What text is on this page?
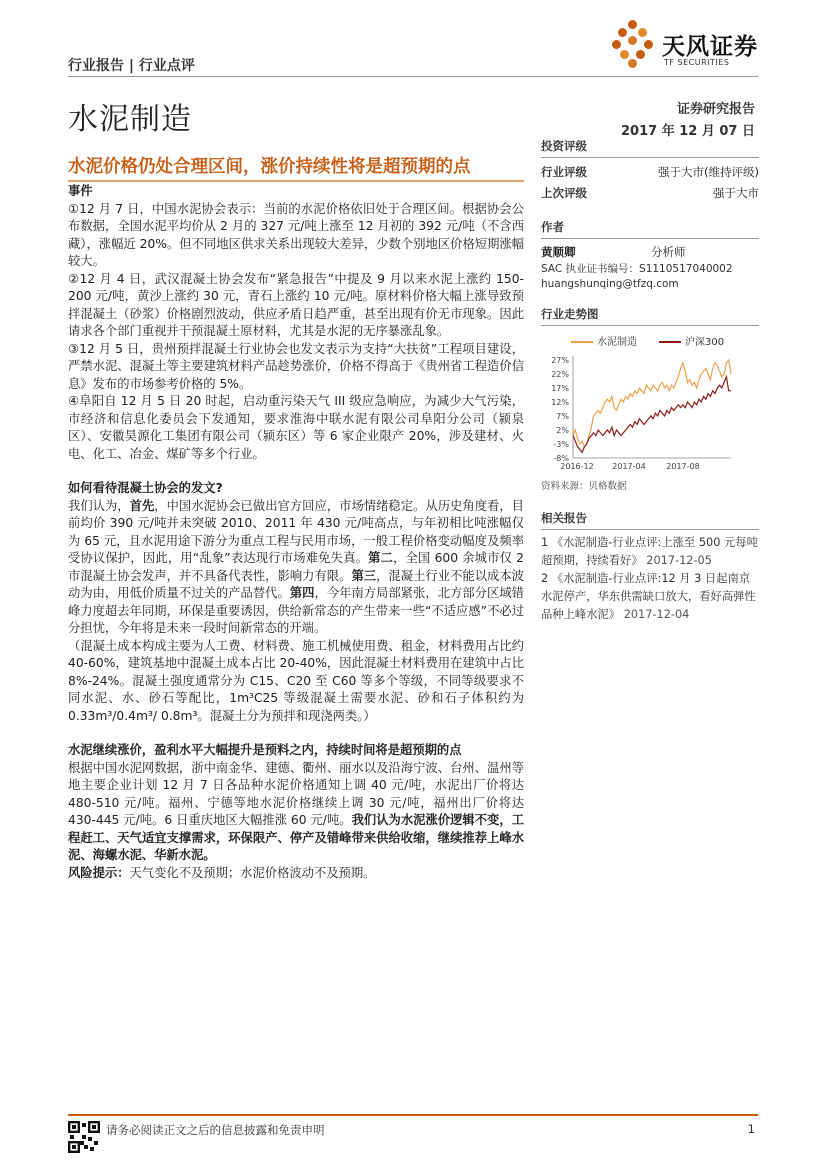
行业报告 | 行业点评
天风证券
TF SECURITIES
水泥制造	证券研究报告
2017 年 12 月 07 日
水泥价格仍处合理区间，涨价持续性将是超预期的点
事件

①12 月 7 日，中国水泥协会表示：当前的水泥价格依旧处于合理区间。根据协会公布数据，全国水泥平均价从 2 月的 327 元/吨上涨至 12 月初的 392 元/吨（不含西藏），涨幅近 20%。但不同地区供求关系出现较大差异，少数个别地区价格短期涨幅较大。

②12 月 4 日，武汉混凝土协会发布“紧急报告”中提及 9 月以来水泥上涨约 150-200 元/吨，黄沙上涨约 30 元，青石上涨约 10 元/吨。原材料价格大幅上涨导致预拌混凝土（砂浆）价格剧烈波动，供应矛盾日趋严重，甚至出现有价无市现象。因此请求各个部门重视并干预混凝土原材料，尤其是水泥的无序暴涨乱象。

③12 月 5 日，贵州预拌混凝土行业协会也发文表示为支持“大扶贫”工程项目建设，严禁水泥、混凝土等主要建筑材料产品趁势涨价，价格不得高于《贵州省工程造价信息》发布的市场参考价格的 5%。

④阜阳自 12 月 5 日 20 时起，启动重污染天气 III 级应急响应，为减少大气污染，市经济和信息化委员会下发通知，要求淮海中联水泥有限公司阜阳分公司（颍泉区）、安徽昊源化工集团有限公司（颍东区）等 6 家企业限产 20%，涉及建材、火电、化工、冶金、煤矿等多个行业。

如何看待混凝土协会的发文?

我们认为，首先，中国水泥协会已做出官方回应，市场情绪稳定。从历史角度看，目前均价 390 元/吨并未突破 2010、2011 年 430 元/吨高点，与年初相比吨涨幅仅为 65 元，且水泥用途下游分为重点工程与民用市场，一般工程价格变动幅度及频率受协议保护，因此，用“乱象”表达现行市场难免失真。第二，全国 600 余城市仅 2 市混凝土协会发声，并不具备代表性，影响力有限。第三，混凝土行业不能以成本波动为由，用低价质量不过关的产品替代。第四，今年南方局部紧张，北方部分区域错峰力度超去年同期，环保是重要诱因，供给新常态的产生带来一些“不适应感”不必过分担忧，今年将是未来一段时间新常态的开端。

（混凝土成本构成主要为人工费、材料费、施工机械使用费、租金，材料费用占比约 40-60%，建筑基地中混凝土成本占比 20-40%，因此混凝土材料费用在建筑中占比 8%-24%。混凝土强度通常分为 C15、C20 至 C60 等多个等级，不同等级要求不同水泥、水、砂石等配比，1m³C25 等级混凝土需要水泥、砂和石子体积约为 0.33m³/0.4m³/ 0.8m³。混凝土分为预拌和现浇两类。）

水泥继续涨价，盈利水平大幅提升是预料之内，持续时间将是超预期的点

根据中国水泥网数据，浙中南金华、建德、衢州、丽水以及沿海宁波、台州、温州等地主要企业计划 12 月 7 日各品种水泥价格通知上调 40 元/吨，水泥出厂价将达 480-510 元/吨。福州、宁德等地水泥价格继续上调 30 元/吨，福州出厂价将达 430-445 元/吨。6 日重庆地区大幅推涨 60 元/吨。我们认为水泥涨价逻辑不变，工程赶工、天气适宜支撑需求，环保限产、停产及错峰带来供给收缩，继续推荐上峰水泥、海螺水泥、华新水泥。

风险提示：天气变化不及预期；水泥价格波动不及预期。

投资评级
行业评级	强于大市(维持评级)
上次评级	强于大市
作者
黄顺卿	分析师
SAC 执业证书编号：S1110517040002
huangshunqing@tfzq.com
行业走势图
水泥制造	沪深300
-8%
-3%
2%
7%
12%
17%
22%
27%
2016-12 2017-04	2017-08
资料来源：贝格数据
相关报告
1 《水泥制造-行业点评:上涨至 500 元每吨超预期，持续看好》 2017-12-05
2 《水泥制造-行业点评:12 月 3 日起南京水泥停产，华东供需缺口放大，看好高弹性品种上峰水泥》 2017-12-04
请务必阅读正文之后的信息披露和免责申明	1
